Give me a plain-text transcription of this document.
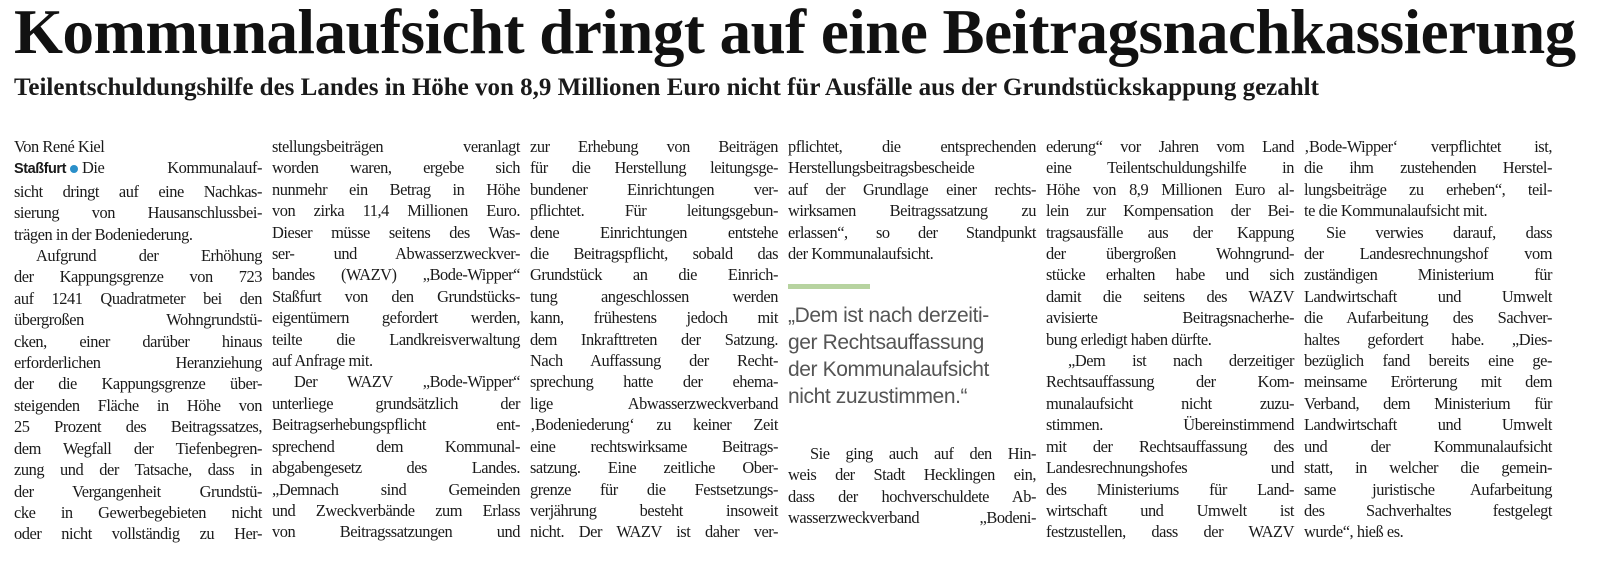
Kommunalaufsicht dringt auf eine Beitragsnachkassierung
Teilentschuldungshilfe des Landes in Höhe von 8,9 Millionen Euro nicht für Ausfälle aus der Grundstückskappung gezahlt
Von René Kiel
Staßfurt Die Kommunalauf-
sicht dringt auf eine Nachkas-
sierung von Hausanschlussbei-
trägen in der Bodeniederung.
Aufgrund der Erhöhung
der Kappungsgrenze von 723
auf 1241 Quadratmeter bei den
übergroßen Wohngrundstü-
cken, einer darüber hinaus
erforderlichen Heranziehung
der die Kappungsgrenze über-
steigenden Fläche in Höhe von
25 Prozent des Beitragssatzes,
dem Wegfall der Tiefenbegren-
zung und der Tatsache, dass in
der Vergangenheit Grundstü-
cke in Gewerbegebieten nicht
oder nicht vollständig zu Her-
stellungsbeiträgen veranlagt
worden waren, ergebe sich
nunmehr ein Betrag in Höhe
von zirka 11,4 Millionen Euro.
Dieser müsse seitens des Was-
ser- und Abwasserzweckver-
bandes (WAZV) „Bode-Wipper“
Staßfurt von den Grundstücks-
eigentümern gefordert werden,
teilte die Landkreisverwaltung
auf Anfrage mit.
Der WAZV „Bode-Wipper“
unterliege grundsätzlich der
Beitragserhebungspflicht ent-
sprechend dem Kommunal-
abgabengesetz des Landes.
„Demnach sind Gemeinden
und Zweckverbände zum Erlass
von Beitragssatzungen und
zur Erhebung von Beiträgen
für die Herstellung leitungsge-
bundener Einrichtungen ver-
pflichtet. Für leitungsgebun-
dene Einrichtungen entstehe
die Beitragspflicht, sobald das
Grundstück an die Einrich-
tung angeschlossen werden
kann, frühestens jedoch mit
dem Inkrafttreten der Satzung.
Nach Auffassung der Recht-
sprechung hatte der ehema-
lige Abwasserzweckverband
‚Bodeniederung‘ zu keiner Zeit
eine rechtswirksame Beitrags-
satzung. Eine zeitliche Ober-
grenze für die Festsetzungs-
verjährung besteht insoweit
nicht. Der WAZV ist daher ver-
pflichtet, die entsprechenden
Herstellungsbeitragsbescheide
auf der Grundlage einer rechts-
wirksamen Beitragssatzung zu
erlassen“, so der Standpunkt
der Kommunalaufsicht.
„Dem ist nach derzeiti-
ger Rechtsauffassung
der Kommunalaufsicht
nicht zuzustimmen.“
Sie ging auch auf den Hin-
weis der Stadt Hecklingen ein,
dass der hochverschuldete Ab-
wasserzweckverband „Bodeni-
ederung“ vor Jahren vom Land
eine Teilentschuldungshilfe in
Höhe von 8,9 Millionen Euro al-
lein zur Kompensation der Bei-
tragsausfälle aus der Kappung
der übergroßen Wohngrund-
stücke erhalten habe und sich
damit die seitens des WAZV
avisierte Beitragsnacherhe-
bung erledigt haben dürfte.
„Dem ist nach derzeitiger
Rechtsauffassung der Kom-
munalaufsicht nicht zuzu-
stimmen. Übereinstimmend
mit der Rechtsauffassung des
Landesrechnungshofes und
des Ministeriums für Land-
wirtschaft und Umwelt ist
festzustellen, dass der WAZV
‚Bode-Wipper‘ verpflichtet ist,
die ihm zustehenden Herstel-
lungsbeiträge zu erheben“, teil-
te die Kommunalaufsicht mit.
Sie verwies darauf, dass
der Landesrechnungshof vom
zuständigen Ministerium für
Landwirtschaft und Umwelt
die Aufarbeitung des Sachver-
haltes gefordert habe. „Dies-
bezüglich fand bereits eine ge-
meinsame Erörterung mit dem
Verband, dem Ministerium für
Landwirtschaft und Umwelt
und der Kommunalaufsicht
statt, in welcher die gemein-
same juristische Aufarbeitung
des Sachverhaltes festgelegt
wurde“, hieß es.
